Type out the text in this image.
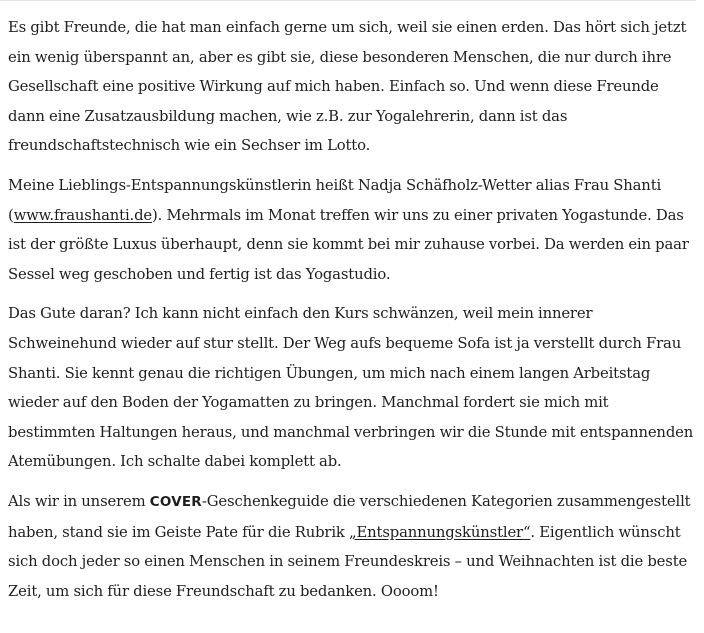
Es gibt Freunde, die hat man einfach gerne um sich, weil sie einen erden. Das hört sich jetzt ein wenig überspannt an, aber es gibt sie, diese besonderen Menschen, die nur durch ihre Gesellschaft eine positive Wirkung auf mich haben. Einfach so. Und wenn diese Freunde dann eine Zusatzausbildung machen, wie z.B. zur Yogalehrerin, dann ist das freundschaftstechnisch wie ein Sechser im Lotto.

Meine Lieblings-Entspannungskünstlerin heißt Nadja Schäfholz-Wetter alias Frau Shanti (www.fraushanti.de). Mehrmals im Monat treffen wir uns zu einer privaten Yogastunde. Das ist der größte Luxus überhaupt, denn sie kommt bei mir zuhause vorbei. Da werden ein paar Sessel weg geschoben und fertig ist das Yogastudio.

Das Gute daran? Ich kann nicht einfach den Kurs schwänzen, weil mein innerer Schweinehund wieder auf stur stellt. Der Weg aufs bequeme Sofa ist ja verstellt durch Frau Shanti. Sie kennt genau die richtigen Übungen, um mich nach einem langen Arbeitstag wieder auf den Boden der Yogamatten zu bringen. Manchmal fordert sie mich mit bestimmten Haltungen heraus, und manchmal verbringen wir die Stunde mit entspannenden Atemübungen. Ich schalte dabei komplett ab.

Als wir in unserem COVER-Geschenkeguide die verschiedenen Kategorien zusammengestellt haben, stand sie im Geiste Pate für die Rubrik „Entspannungskünstler“. Eigentlich wünscht sich doch jeder so einen Menschen in seinem Freundeskreis – und Weihnachten ist die beste Zeit, um sich für diese Freundschaft zu bedanken. Oooom!
